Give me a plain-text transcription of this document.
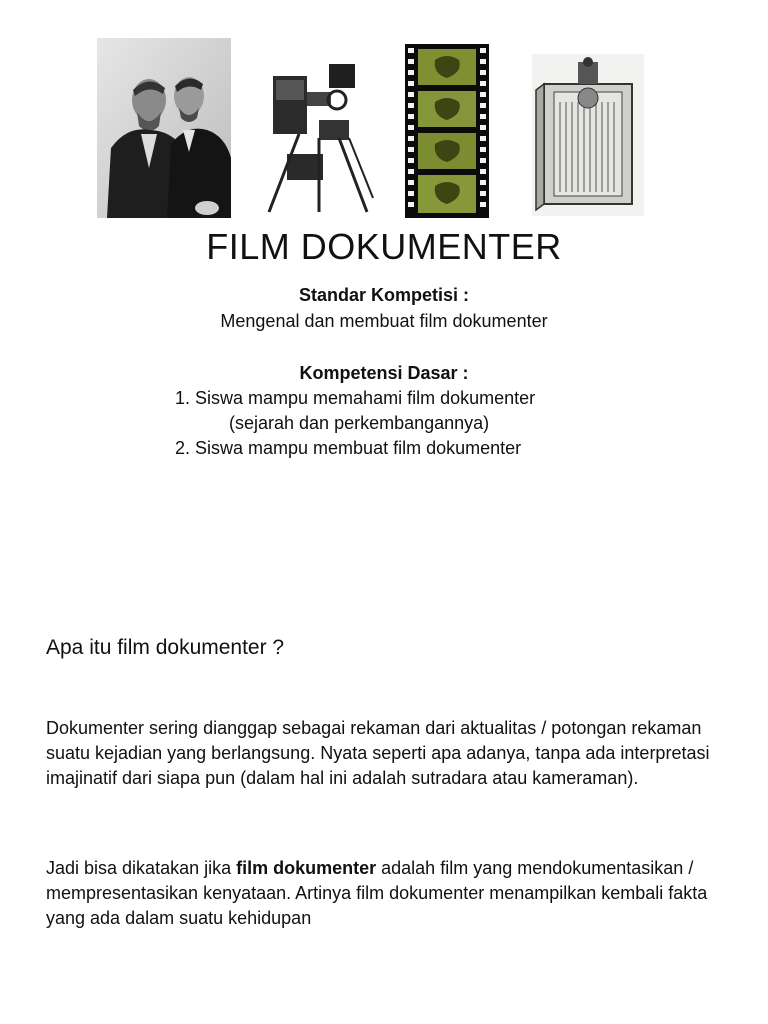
FILM DOKUMENTER
Standar Kompetisi :
Mengenal dan membuat film dokumenter
Kompetensi Dasar :
1. Siswa mampu memahami film dokumenter
(sejarah dan perkembangannya)
2. Siswa mampu membuat film dokumenter
Apa itu film dokumenter ?

Dokumenter sering dianggap sebagai rekaman dari aktualitas / potongan rekaman suatu kejadian yang berlangsung. Nyata seperti apa adanya, tanpa ada interpretasi imajinatif dari siapa pun (dalam hal ini adalah sutradara atau kameraman).

Jadi bisa dikatakan jika film dokumenter adalah film yang mendokumentasikan / mempresentasikan kenyataan. Artinya film dokumenter menampilkan kembali fakta yang ada dalam suatu kehidupan
